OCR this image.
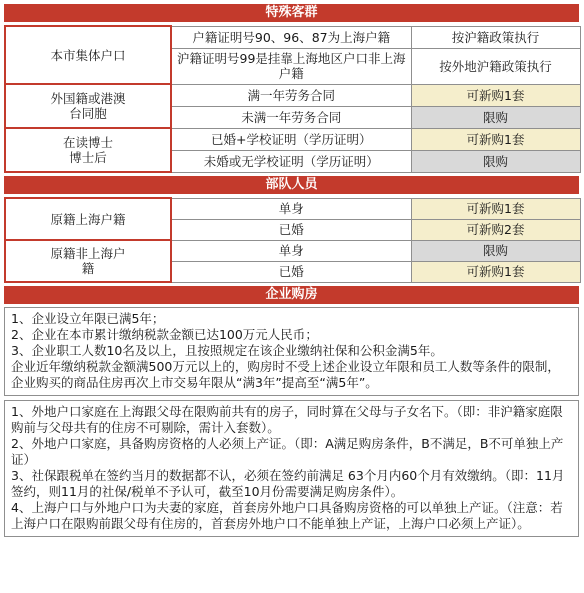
特殊客群
本市集体户口	户籍证明号90、96、87为上海户籍	按沪籍政策执行
	沪籍证明号99是挂靠上海地区户口非上海户籍	按外地沪籍政策执行
外国籍或港澳台同胞	满一年劳务合同	可新购1套
	未满一年劳务合同	限购
在读博士博士后	已婚+学校证明（学历证明）	可新购1套
	未婚或无学校证明（学历证明）	限购
部队人员
原籍上海户籍	单身	可新购1套
	已婚	可新购2套
原籍非上海户籍	单身	限购
	已婚	可新购1套
企业购房

1、企业设立年限已满5年；

2、企业在本市累计缴纳税款金额已达100万元人民币；

3、企业职工人数10名及以上，且按照规定在该企业缴纳社保和公积金满5年。

企业近年缴纳税款金额满500万元以上的，购房时不受上述企业设立年限和员工人数等条件的限制，企业购买的商品住房再次上市交易年限从“满3年”提高至“满5年”。

1、外地户口家庭在上海跟父母在限购前共有的房子，同时算在父母与子女名下。（即：非沪籍家庭限购前与父母共有的住房不可剔除，需计入套数）。

2、外地户口家庭，具备购房资格的人必须上产证。（即：A满足购房条件，B不满足，B不可单独上产证）

3、社保跟税单在签约当月的数据都不认，必须在签约前满足 63个月内60个月有效缴纳。（即：11月签约，则11月的社保/税单不予认可，截至10月份需要满足购房条件）。

4、上海户口与外地户口为夫妻的家庭，首套房外地户口具备购房资格的可以单独上产证。（注意：若上海户口在限购前跟父母有住房的，首套房外地户口不能单独上产证，上海户口必须上产证）。
